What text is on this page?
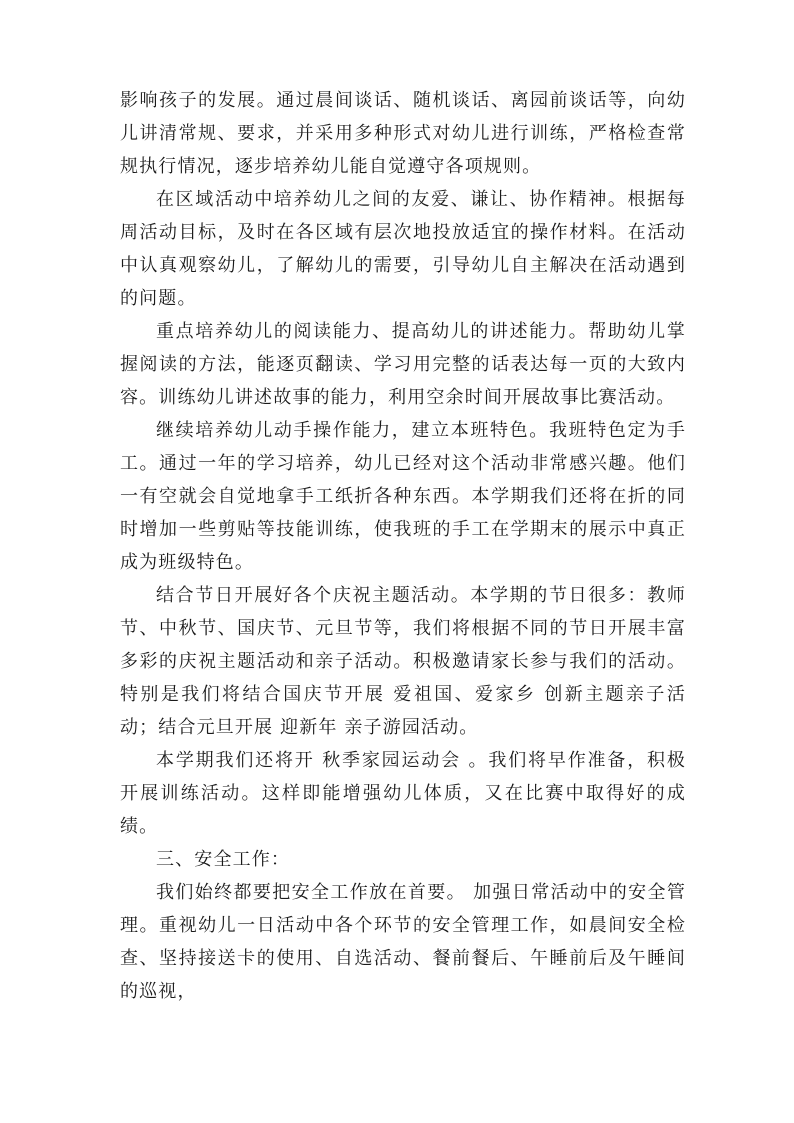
影响孩子的发展。通过晨间谈话、随机谈话、离园前谈话等，向幼儿讲清常规、要求，并采用多种形式对幼儿进行训练，严格检查常规执行情况，逐步培养幼儿能自觉遵守各项规则。

在区域活动中培养幼儿之间的友爱、谦让、协作精神。根据每周活动目标，及时在各区域有层次地投放适宜的操作材料。在活动中认真观察幼儿，了解幼儿的需要，引导幼儿自主解决在活动遇到的问题。

重点培养幼儿的阅读能力、提高幼儿的讲述能力。帮助幼儿掌握阅读的方法，能逐页翻读、学习用完整的话表达每一页的大致内容。训练幼儿讲述故事的能力，利用空余时间开展故事比赛活动。

继续培养幼儿动手操作能力，建立本班特色。我班特色定为手工。通过一年的学习培养，幼儿已经对这个活动非常感兴趣。他们一有空就会自觉地拿手工纸折各种东西。本学期我们还将在折的同时增加一些剪贴等技能训练，使我班的手工在学期末的展示中真正成为班级特色。

结合节日开展好各个庆祝主题活动。本学期的节日很多：教师节、中秋节、国庆节、元旦节等，我们将根据不同的节日开展丰富多彩的庆祝主题活动和亲子活动。积极邀请家长参与我们的活动。特别是我们将结合国庆节开展 爱祖国、爱家乡 创新主题亲子活动；结合元旦开展 迎新年 亲子游园活动。

本学期我们还将开 秋季家园运动会 。我们将早作准备，积极开展训练活动。这样即能增强幼儿体质，又在比赛中取得好的成绩。

三、安全工作：

我们始终都要把安全工作放在首要。 加强日常活动中的安全管理。重视幼儿一日活动中各个环节的安全管理工作，如晨间安全检查、坚持接送卡的使用、自选活动、餐前餐后、午睡前后及午睡间的巡视，
